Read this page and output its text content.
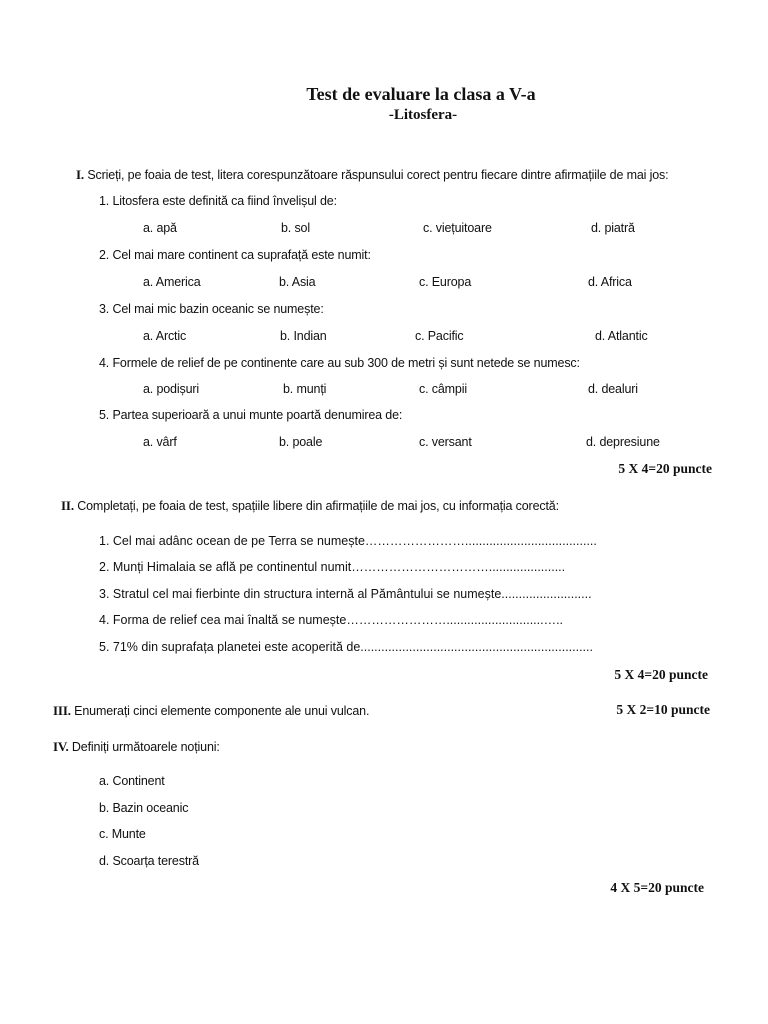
Test de evaluare la clasa a V-a
-Litosfera-
I. Scrieți, pe foaia de test, litera corespunzătoare răspunsului corect pentru fiecare dintre afirmațiile de mai jos:
1. Litosfera este definită ca fiind învelișul de:
a. apă	b. sol	c. viețuitoare	d. piatră
2. Cel mai mare continent ca suprafață este numit:
a. America	b. Asia	c. Europa	d. Africa
3. Cel mai mic bazin oceanic se numește:
a. Arctic	b. Indian	c. Pacific	d. Atlantic
4. Formele de relief de pe continente care au sub 300 de metri și sunt netede se numesc:
a. podișuri	b. munți	c. câmpii	d. dealuri
5. Partea superioară a unui munte poartă denumirea de:
a. vârf	b. poale	c. versant	d. depresiune
5 X 4=20 puncte
II. Completați, pe foaia de test, spațiile libere din afirmațiile de mai jos, cu informația corectă:
1. Cel mai adânc ocean de pe Terra se numește……………………......................................
2. Munți Himalaia se află pe continentul numit……………………………......................
3. Stratul cel mai fierbinte din structura internă al Pământului se numește..........................
4. Forma de relief cea mai înaltă se numește……………………............................…..
5. 71% din suprafața planetei este acoperită de...................................................................
5 X 4=20 puncte
III. Enumerați cinci elemente componente ale unui vulcan.	5 X 2=10 puncte
IV. Definiți următoarele noțiuni:
a. Continent
b. Bazin oceanic
c. Munte
d. Scoarța terestră
4 X 5=20 puncte
